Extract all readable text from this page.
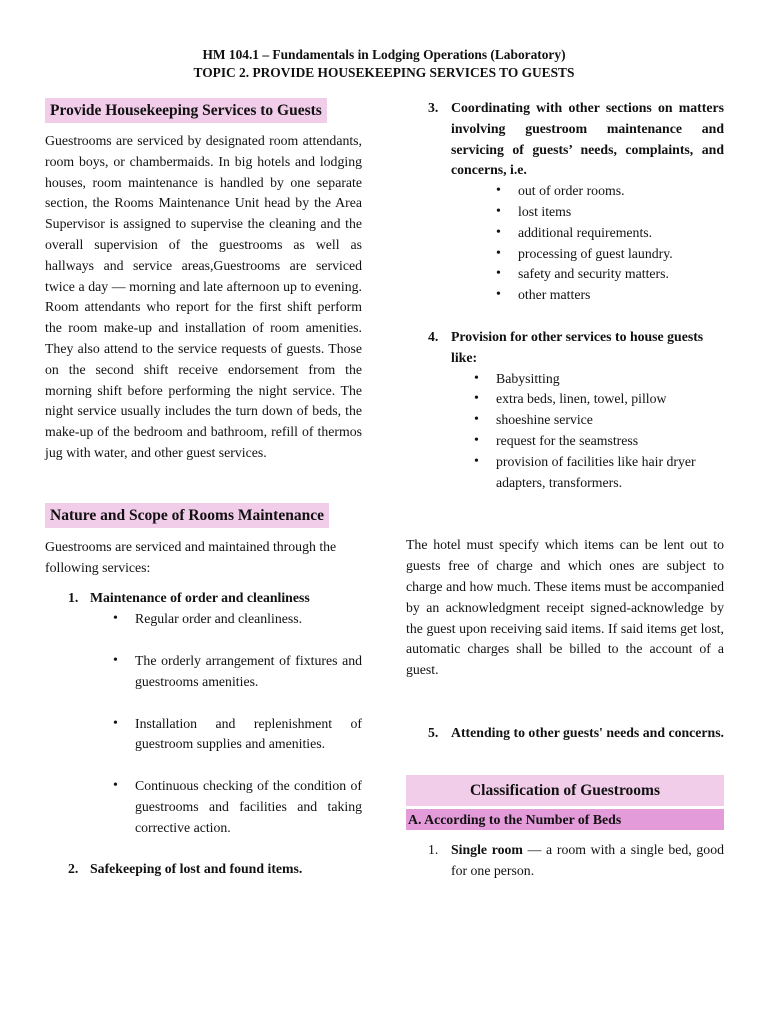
HM 104.1 – Fundamentals in Lodging Operations (Laboratory)
TOPIC 2. PROVIDE HOUSEKEEPING SERVICES TO GUESTS
Provide Housekeeping Services to Guests

Guestrooms are serviced by designated room attendants, room boys, or chambermaids. In big hotels and lodging houses, room maintenance is handled by one separate section, the Rooms Maintenance Unit head by the Area Supervisor is assigned to supervise the cleaning and the overall supervision of the guestrooms as well as hallways and service areas,Guestrooms are serviced twice a day — morning and late afternoon up to evening. Room attendants who report for the first shift perform the room make-up and installation of room amenities. They also attend to the service requests of guests. Those on the second shift receive endorsement from the morning shift before performing the night service. The night service usually includes the turn down of beds, the make-up of the bedroom and bathroom, refill of thermos jug with water, and other guest services.

Nature and Scope of Rooms Maintenance

Guestrooms are serviced and maintained through the following services:

1. Maintenance of order and cleanliness
• Regular order and cleanliness.
• The orderly arrangement of fixtures and guestrooms amenities.
• Installation and replenishment of guestroom supplies and amenities.
• Continuous checking of the condition of guestrooms and facilities and taking corrective action.
2. Safekeeping of lost and found items.
3. Coordinating with other sections on matters involving guestroom maintenance and servicing of guests’ needs, complaints, and concerns, i.e.
• out of order rooms.
• lost items
• additional requirements.
• processing of guest laundry.
• safety and security matters.
• other matters
4. Provision for other services to house guests like:
• Babysitting
• extra beds, linen, towel, pillow
• shoeshine service
• request for the seamstress
• provision of facilities like hair dryer adapters, transformers.

The hotel must specify which items can be lent out to guests free of charge and which ones are subject to charge and how much. These items must be accompanied by an acknowledgment receipt signed-acknowledge by the guest upon receiving said items. If said items get lost, automatic charges shall be billed to the account of a guest.

5. Attending to other guests' needs and concerns.
Classification of Guestrooms
A. According to the Number of Beds
1. Single room — a room with a single bed, good for one person.
